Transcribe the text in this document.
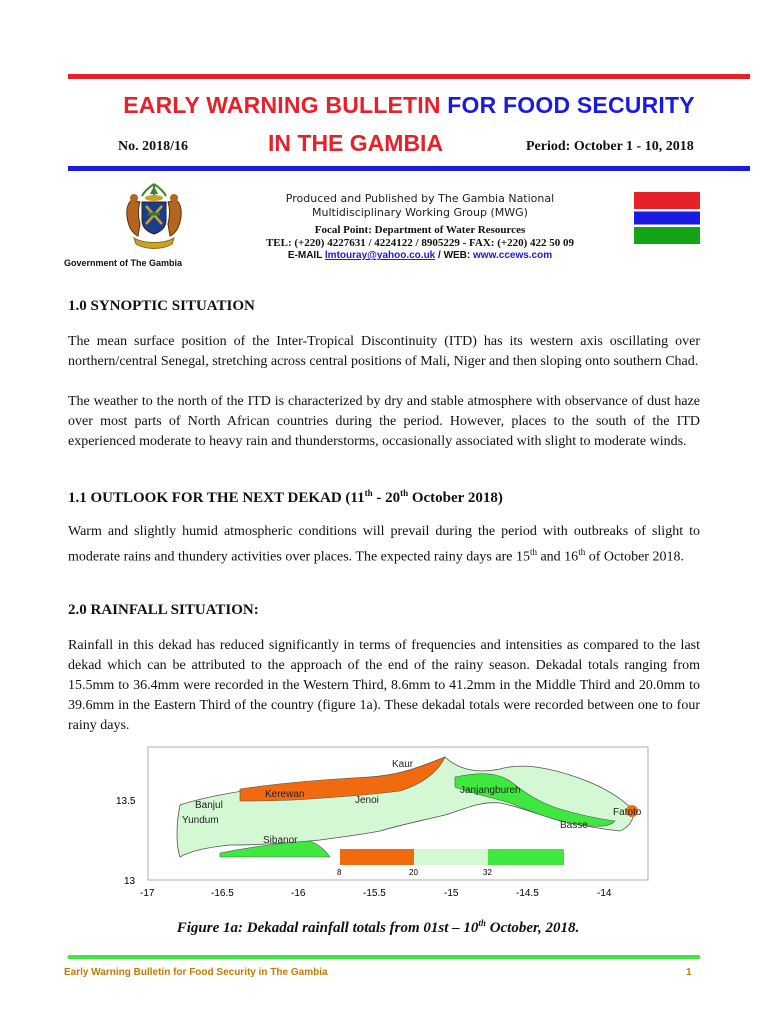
EARLY WARNING BULLETIN FOR FOOD SECURITY
No. 2018/16	IN THE GAMBIA	Period: October 1 - 10, 2018
Government of The Gambia
Produced and Published by The Gambia National
Multidisciplinary Working Group (MWG)
Focal Point: Department of Water Resources
TEL: (+220) 4227631 / 4224122 / 8905229 - FAX: (+220) 422 50 09
E-MAIL lmtouray@yahoo.co.uk / WEB: www.ccews.com
1.0 SYNOPTIC SITUATION

The mean surface position of the Inter-Tropical Discontinuity (ITD) has its western axis oscillating over northern/central Senegal, stretching across central positions of Mali, Niger and then sloping onto southern Chad.

The weather to the north of the ITD is characterized by dry and stable atmosphere with observance of dust haze over most parts of North African countries during the period. However, places to the south of the ITD experienced moderate to heavy rain and thunderstorms, occasionally associated with slight to moderate winds.

1.1 OUTLOOK FOR THE NEXT DEKAD (11th - 20th October 2018)

Warm and slightly humid atmospheric conditions will prevail during the period with outbreaks of slight to moderate rains and thundery activities over places. The expected rainy days are 15th and 16th of October 2018.

2.0 RAINFALL SITUATION:

Rainfall in this dekad has reduced significantly in terms of frequencies and intensities as compared to the last dekad which can be attributed to the approach of the end of the rainy season. Dekadal totals ranging from 15.5mm to 36.4mm were recorded in the Western Third, 8.6mm to 41.2mm in the Middle Third and 20.0mm to 39.6mm in the Eastern Third of the country (figure 1a). These dekadal totals were recorded between one to four rainy days.

Kaur
Kerewan	Janjangbureh
Banjul
Yundum
Jenoi
Fatoto
Basse
Sibanor
8	20	32
13.5
13
-17	-16.5	-16	-15.5	-15	-14.5	-14
Figure 1a: Dekadal rainfall totals from 01st – 10th October, 2018.
Early Warning Bulletin for Food Security in The Gambia	1
